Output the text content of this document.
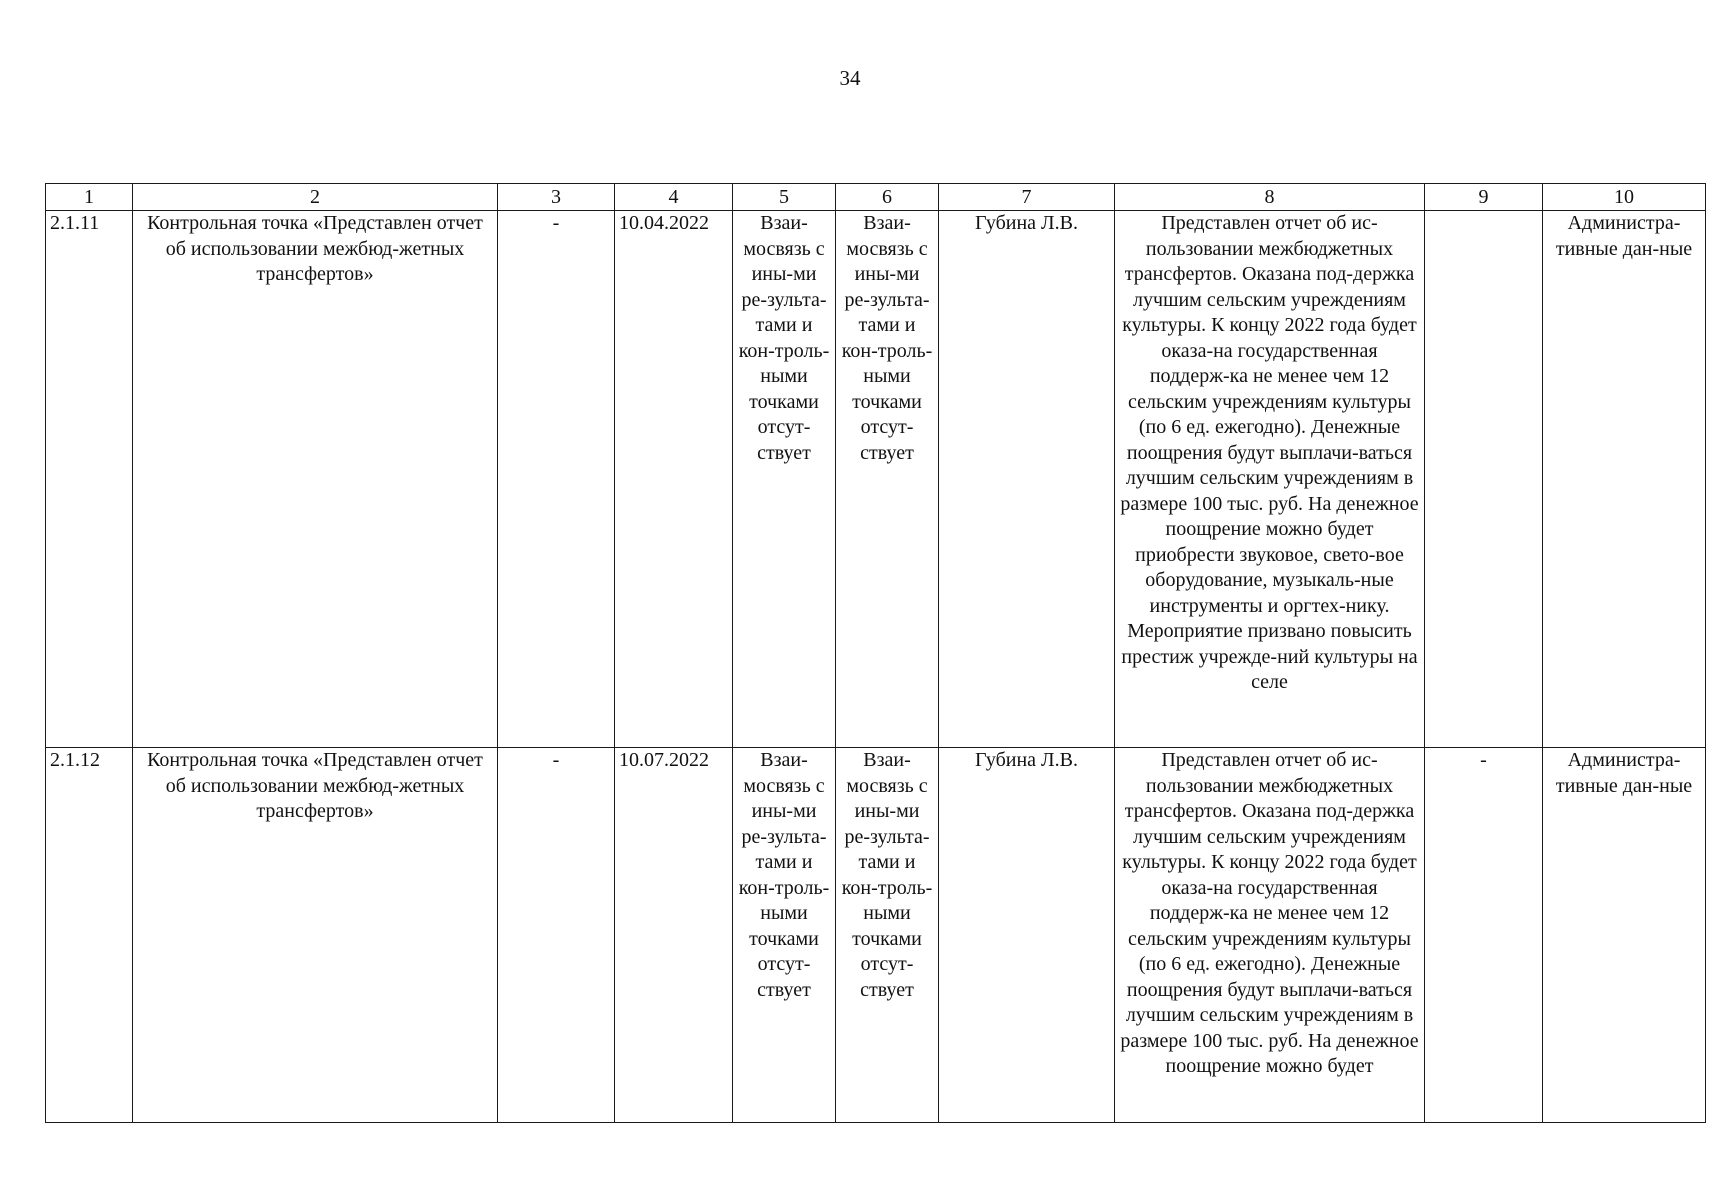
34
1	2	3	4	5	6	7	8	9	10
2.1.11	Контрольная точка «Представлен отчет об использовании межбюд-жетных трансфертов»	-	10.04.2022	Взаи-мосвязь с ины-ми ре-зульта-тами и кон-троль-ными точками отсут-ствует	Взаи-мосвязь с ины-ми ре-зульта-тами и кон-троль-ными точками отсут-ствует	Губина Л.В.	Представлен отчет об ис-пользовании межбюджетных трансфертов. Оказана под-держка лучшим сельским учреждениям культуры. К концу 2022 года будет оказа-на государственная поддерж-ка не менее чем 12 сельским учреждениям культуры (по 6 ед. ежегодно). Денежные поощрения будут выплачи-ваться лучшим сельским учреждениям в размере 100 тыс. руб. На денежное поощрение можно будет приобрести звуковое, свето-вое оборудование, музыкаль-ные инструменты и оргтех-нику. Мероприятие призвано повысить престиж учрежде-ний культуры на селе		Администра-тивные дан-ные
2.1.12	Контрольная точка «Представлен отчет об использовании межбюд-жетных трансфертов»	-	10.07.2022	Взаи-мосвязь с ины-ми ре-зульта-тами и кон-троль-ными точками отсут-ствует	Взаи-мосвязь с ины-ми ре-зульта-тами и кон-троль-ными точками отсут-ствует	Губина Л.В.	Представлен отчет об ис-пользовании межбюджетных трансфертов. Оказана под-держка лучшим сельским учреждениям культуры. К концу 2022 года будет оказа-на государственная поддерж-ка не менее чем 12 сельским учреждениям культуры (по 6 ед. ежегодно). Денежные поощрения будут выплачи-ваться лучшим сельским учреждениям в размере 100 тыс. руб. На денежное поощрение можно будет	-	Администра-тивные дан-ные
